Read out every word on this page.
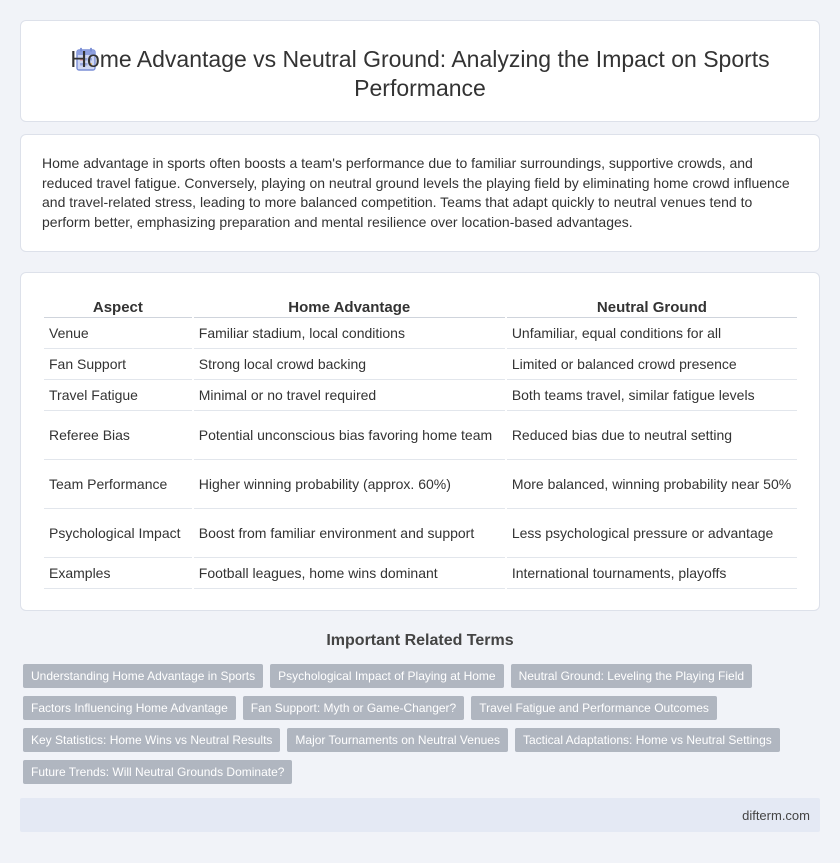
Home Advantage vs Neutral Ground: Analyzing the Impact on Sports Performance

Home advantage in sports often boosts a team's performance due to familiar surroundings, supportive crowds, and reduced travel fatigue. Conversely, playing on neutral ground levels the playing field by eliminating home crowd influence and travel-related stress, leading to more balanced competition. Teams that adapt quickly to neutral venues tend to perform better, emphasizing preparation and mental resilience over location-based advantages.

Aspect	Home Advantage	Neutral Ground
Venue	Familiar stadium, local conditions	Unfamiliar, equal conditions for all
Fan Support	Strong local crowd backing	Limited or balanced crowd presence
Travel Fatigue	Minimal or no travel required	Both teams travel, similar fatigue levels
Referee Bias	Potential unconscious bias favoring home team	Reduced bias due to neutral setting
Team Performance	Higher winning probability (approx. 60%)	More balanced, winning probability near 50%
Psychological Impact	Boost from familiar environment and support	Less psychological pressure or advantage
Examples	Football leagues, home wins dominant	International tournaments, playoffs
Important Related Terms
Understanding Home Advantage in Sports	Psychological Impact of Playing at Home	Neutral Ground: Leveling the Playing Field
Factors Influencing Home Advantage	Fan Support: Myth or Game-Changer?	Travel Fatigue and Performance Outcomes
Key Statistics: Home Wins vs Neutral Results	Major Tournaments on Neutral Venues	Tactical Adaptations: Home vs Neutral Settings
Future Trends: Will Neutral Grounds Dominate?
difterm.com
